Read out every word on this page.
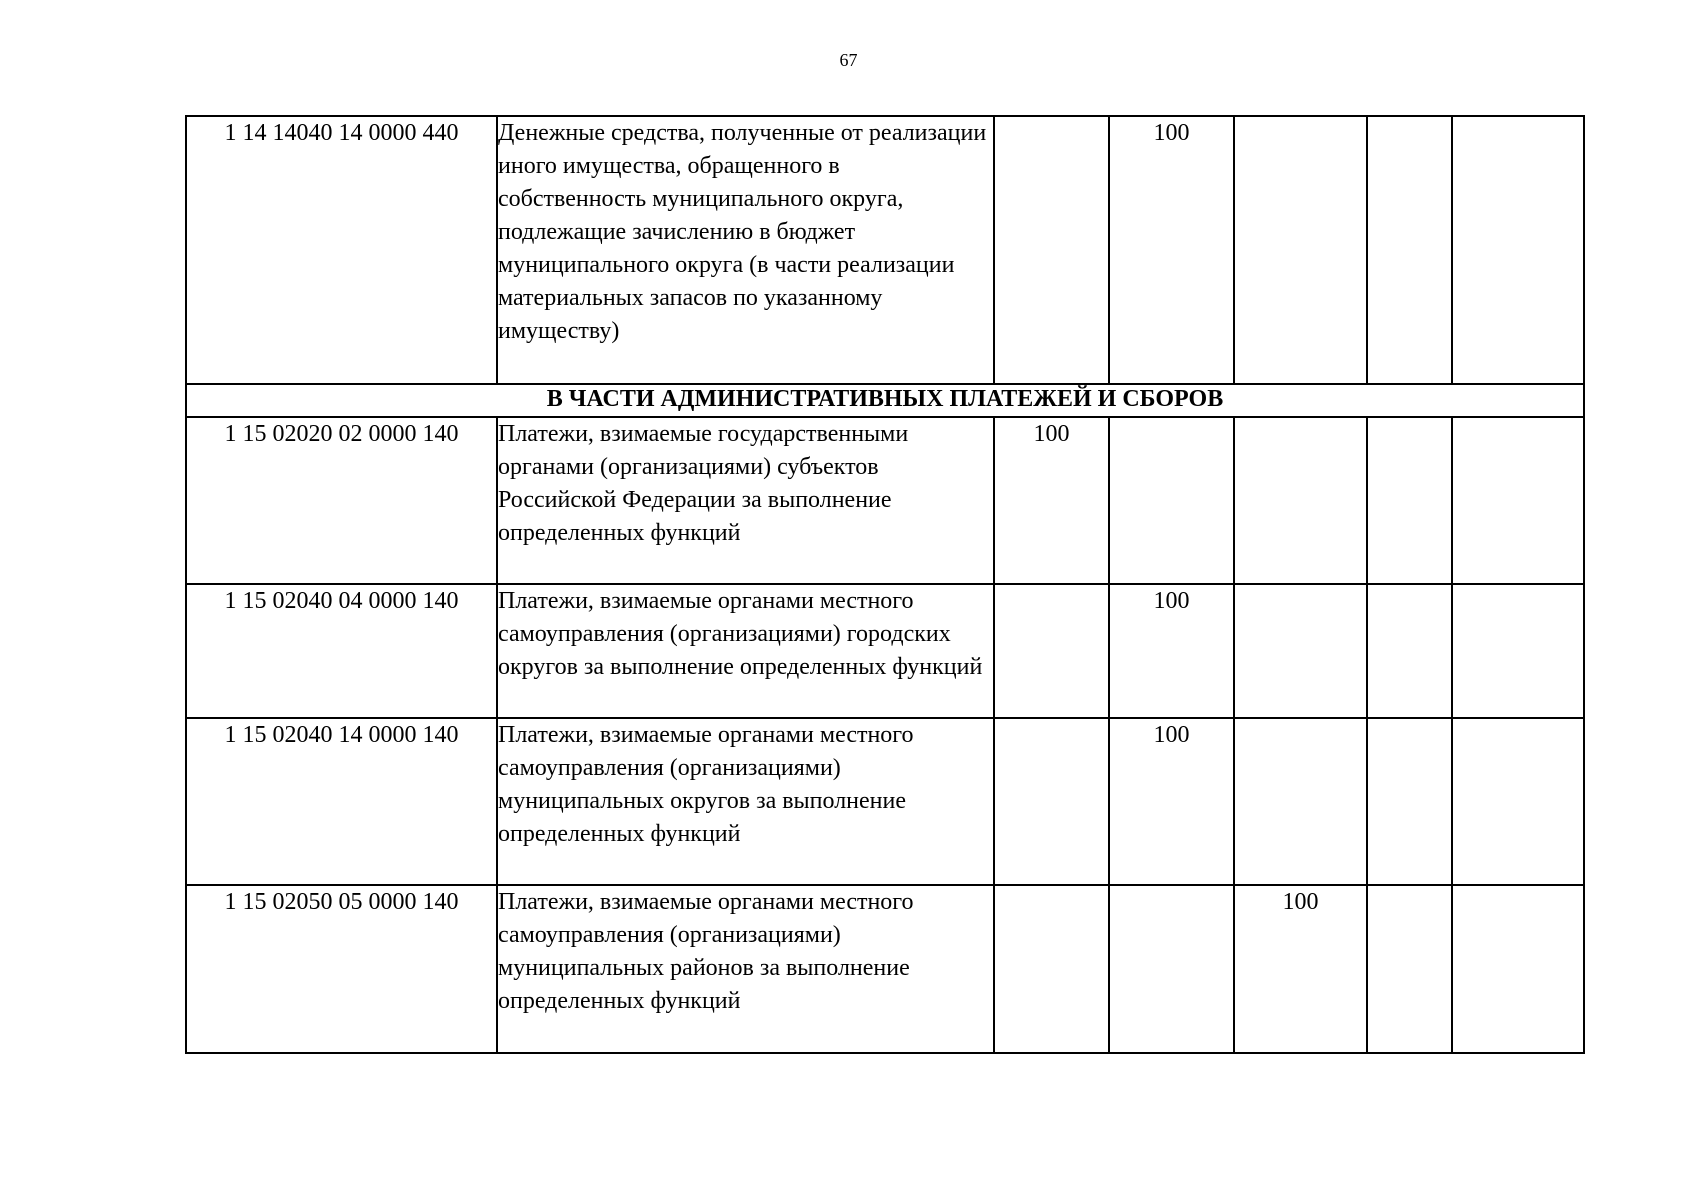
67
1 14 14040 14 0000 440	Денежные средства, полученные от реализации иного имущества, обращенного в собственность муниципального округа, подлежащие зачислению в бюджет муниципального округа (в части реализации материальных запасов по указанному имуществу)		100			
В ЧАСТИ АДМИНИСТРАТИВНЫХ ПЛАТЕЖЕЙ И СБОРОВ						
1 15 02020 02 0000 140	Платежи, взимаемые государственными органами (организациями) субъектов Российской Федерации за выполнение определенных функций	100				
1 15 02040 04 0000 140	Платежи, взимаемые органами местного самоуправления (организациями) городских округов за выполнение определенных функций		100			
1 15 02040 14 0000 140	Платежи, взимаемые органами местного самоуправления (организациями) муниципальных округов за выполнение определенных функций		100			
1 15 02050 05 0000 140	Платежи, взимаемые органами местного самоуправления (организациями) муниципальных районов за выполнение определенных функций			100		
